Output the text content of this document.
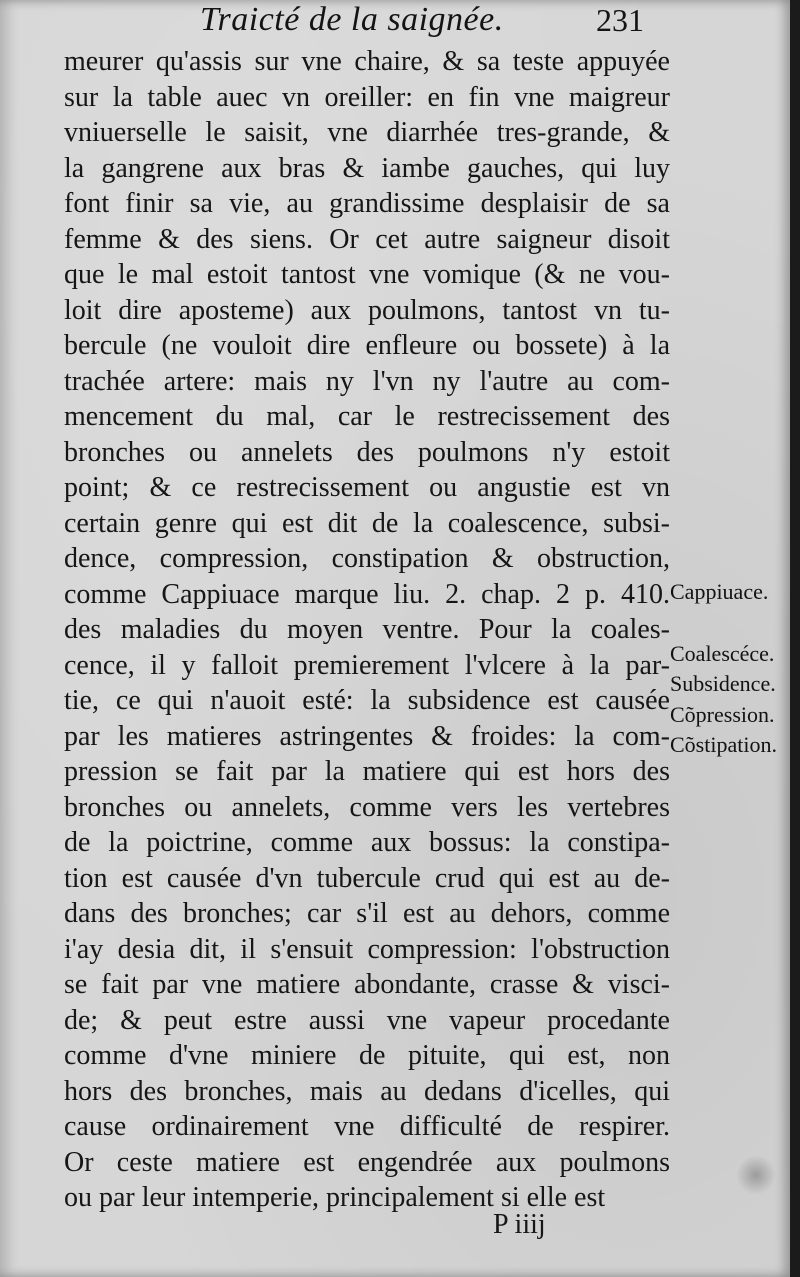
Traicté de la saignée.	231
meurer qu'assis sur vne chaire, & sa teste appuyée
sur la table auec vn oreiller: en fin vne maigreur
vniuerselle le saisit, vne diarrhée tres-grande, &
la gangrene aux bras & iambe gauches, qui luy
font finir sa vie, au grandissime desplaisir de sa
femme & des siens. Or cet autre saigneur disoit
que le mal estoit tantost vne vomique (& ne vou-
loit dire aposteme) aux poulmons, tantost vn tu-
bercule (ne vouloit dire enfleure ou bossete) à la
trachée artere: mais ny l'vn ny l'autre au com-
mencement du mal, car le restrecissement des
bronches ou annelets des poulmons n'y estoit
point; & ce restrecissement ou angustie est vn
certain genre qui est dit de la coalescence, subsi-
dence, compression, constipation & obstruction,
comme Cappiuace marque liu. 2. chap. 2 p. 410.
des maladies du moyen ventre. Pour la coales-
cence, il y falloit premierement l'vlcere à la par-
tie, ce qui n'auoit esté: la subsidence est causée
par les matieres astringentes & froides: la com-
pression se fait par la matiere qui est hors des
bronches ou annelets, comme vers les vertebres
de la poictrine, comme aux bossus: la constipa-
tion est causée d'vn tubercule crud qui est au de-
dans des bronches; car s'il est au dehors, comme
i'ay desia dit, il s'ensuit compression: l'obstruction
se fait par vne matiere abondante, crasse & visci-
de; & peut estre aussi vne vapeur procedante
comme d'vne miniere de pituite, qui est, non
hors des bronches, mais au dedans d'icelles, qui
cause ordinairement vne difficulté de respirer.
Or ceste matiere est engendrée aux poulmons
ou par leur intemperie, principalement si elle est
Cappiuace.
Coalescéce.
Subsidence.
Cõpression.
Cõstipation.
P iiij
